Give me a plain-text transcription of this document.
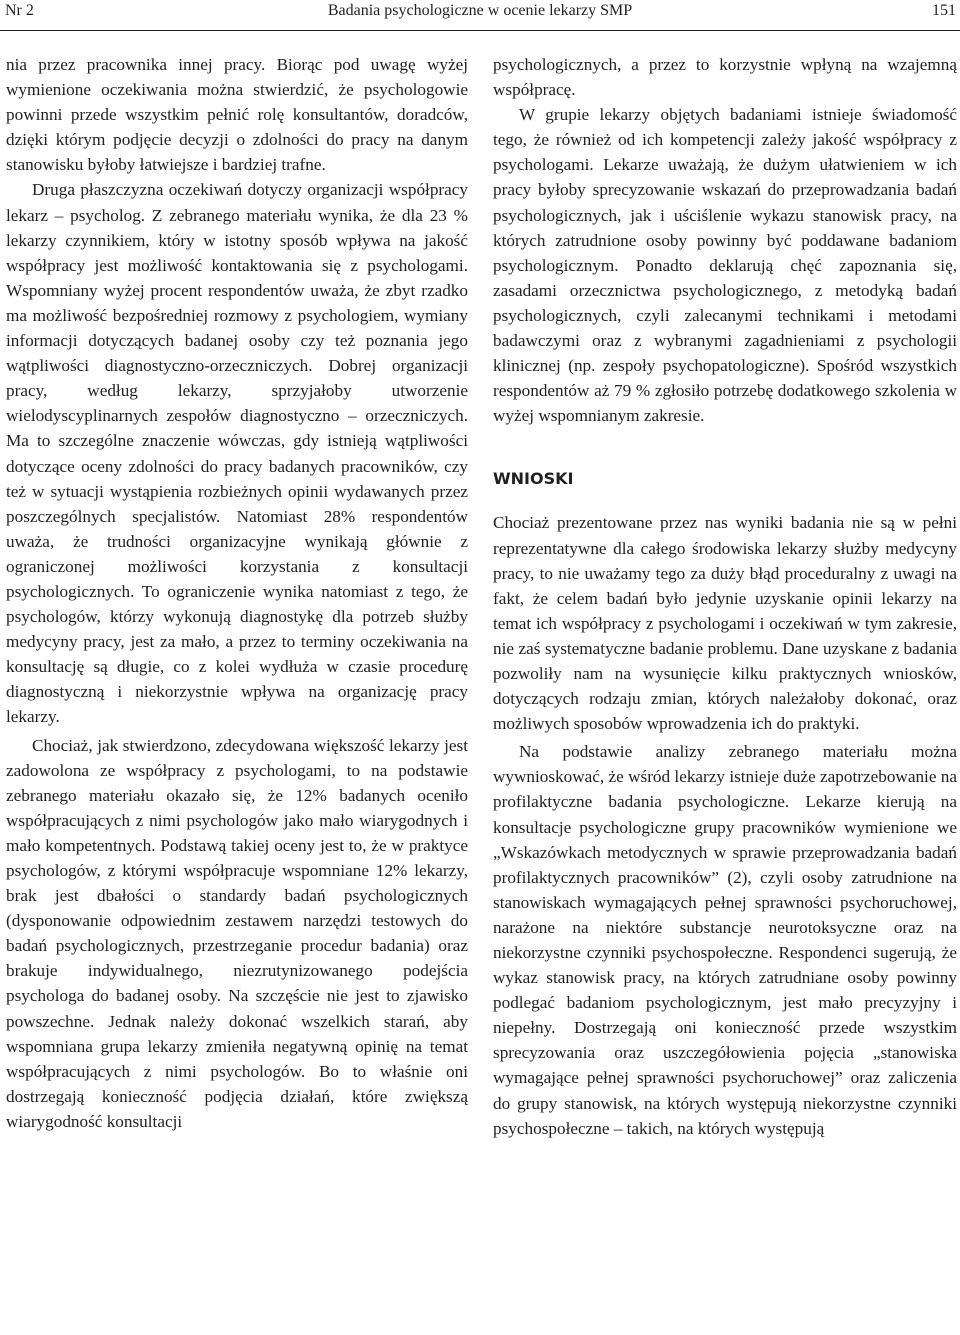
Nr 2	Badania psychologiczne w ocenie lekarzy SMP	151

nia przez pracownika innej pracy. Biorąc pod uwagę wyżej wymienione oczekiwania można stwierdzić, że psychologowie powinni przede wszystkim pełnić rolę konsultantów, doradców, dzięki którym podjęcie decyzji o zdolności do pracy na danym stanowisku byłoby łatwiejsze i bardziej trafne.

Druga płaszczyzna oczekiwań dotyczy organizacji współpracy lekarz – psycholog. Z zebranego materiału wynika, że dla 23 % lekarzy czynnikiem, który w istotny sposób wpływa na jakość współpracy jest możliwość kontaktowania się z psychologami. Wspomniany wyżej procent respondentów uważa, że zbyt rzadko ma możliwość bezpośredniej rozmowy z psychologiem, wymiany informacji dotyczących badanej osoby czy też poznania jego wątpliwości diagnostyczno-orzeczniczych. Dobrej organizacji pracy, według lekarzy, sprzyjałoby utworzenie wielodyscyplinarnych zespołów diagnostyczno – orzeczniczych. Ma to szczególne znaczenie wówczas, gdy istnieją wątpliwości dotyczące oceny zdolności do pracy badanych pracowników, czy też w sytuacji wystąpienia rozbieżnych opinii wydawanych przez poszczególnych specjalistów. Natomiast 28% respondentów uważa, że trudności organizacyjne wynikają głównie z ograniczonej możliwości korzystania z konsultacji psychologicznych. To ograniczenie wynika natomiast z tego, że psychologów, którzy wykonują diagnostykę dla potrzeb służby medycyny pracy, jest za mało, a przez to terminy oczekiwania na konsultację są długie, co z kolei wydłuża w czasie procedurę diagnostyczną i niekorzystnie wpływa na organizację pracy lekarzy.

Chociaż, jak stwierdzono, zdecydowana większość lekarzy jest zadowolona ze współpracy z psychologami, to na podstawie zebranego materiału okazało się, że 12% badanych oceniło współpracujących z nimi psychologów jako mało wiarygodnych i mało kompetentnych. Podstawą takiej oceny jest to, że w praktyce psychologów, z którymi współpracuje wspomniane 12% lekarzy, brak jest dbałości o standardy badań psychologicznych (dysponowanie odpowiednim zestawem narzędzi testowych do badań psychologicznych, przestrzeganie procedur badania) oraz brakuje indywidualnego, niezrutynizowanego podejścia psychologa do badanej osoby. Na szczęście nie jest to zjawisko powszechne. Jednak należy dokonać wszelkich starań, aby wspomniana grupa lekarzy zmieniła negatywną opinię na temat współpracujących z nimi psychologów. Bo to właśnie oni dostrzegają konieczność podjęcia działań, które zwiększą wiarygodność konsultacji

psychologicznych, a przez to korzystnie wpłyną na wzajemną współpracę.

W grupie lekarzy objętych badaniami istnieje świadomość tego, że również od ich kompetencji zależy jakość współpracy z psychologami. Lekarze uważają, że dużym ułatwieniem w ich pracy byłoby sprecyzowanie wskazań do przeprowadzania badań psychologicznych, jak i uściślenie wykazu stanowisk pracy, na których zatrudnione osoby powinny być poddawane badaniom psychologicznym. Ponadto deklarują chęć zapoznania się, zasadami orzecznictwa psychologicznego, z metodyką badań psychologicznych, czyli zalecanymi technikami i metodami badawczymi oraz z wybranymi zagadnieniami z psychologii klinicznej (np. zespoły psychopatologiczne). Spośród wszystkich respondentów aż 79 % zgłosiło potrzebę dodatkowego szkolenia w wyżej wspomnianym zakresie.

WNIOSKI

Chociaż prezentowane przez nas wyniki badania nie są w pełni reprezentatywne dla całego środowiska lekarzy służby medycyny pracy, to nie uważamy tego za duży błąd proceduralny z uwagi na fakt, że celem badań było jedynie uzyskanie opinii lekarzy na temat ich współpracy z psychologami i oczekiwań w tym zakresie, nie zaś systematyczne badanie problemu. Dane uzyskane z badania pozwoliły nam na wysunięcie kilku praktycznych wniosków, dotyczących rodzaju zmian, których należałoby dokonać, oraz możliwych sposobów wprowadzenia ich do praktyki.

Na podstawie analizy zebranego materiału można wywnioskować, że wśród lekarzy istnieje duże zapotrzebowanie na profilaktyczne badania psychologiczne. Lekarze kierują na konsultacje psychologiczne grupy pracowników wymienione we „Wskazówkach metodycznych w sprawie przeprowadzania badań profilaktycznych pracowników” (2), czyli osoby zatrudnione na stanowiskach wymagających pełnej sprawności psychoruchowej, narażone na niektóre substancje neurotoksyczne oraz na niekorzystne czynniki psychospołeczne. Respondenci sugerują, że wykaz stanowisk pracy, na których zatrudniane osoby powinny podlegać badaniom psychologicznym, jest mało precyzyjny i niepełny. Dostrzegają oni konieczność przede wszystkim sprecyzowania oraz uszczegółowienia pojęcia „stanowiska wymagające pełnej sprawności psychoruchowej” oraz zaliczenia do grupy stanowisk, na których występują niekorzystne czynniki psychospołeczne – takich, na których występują
